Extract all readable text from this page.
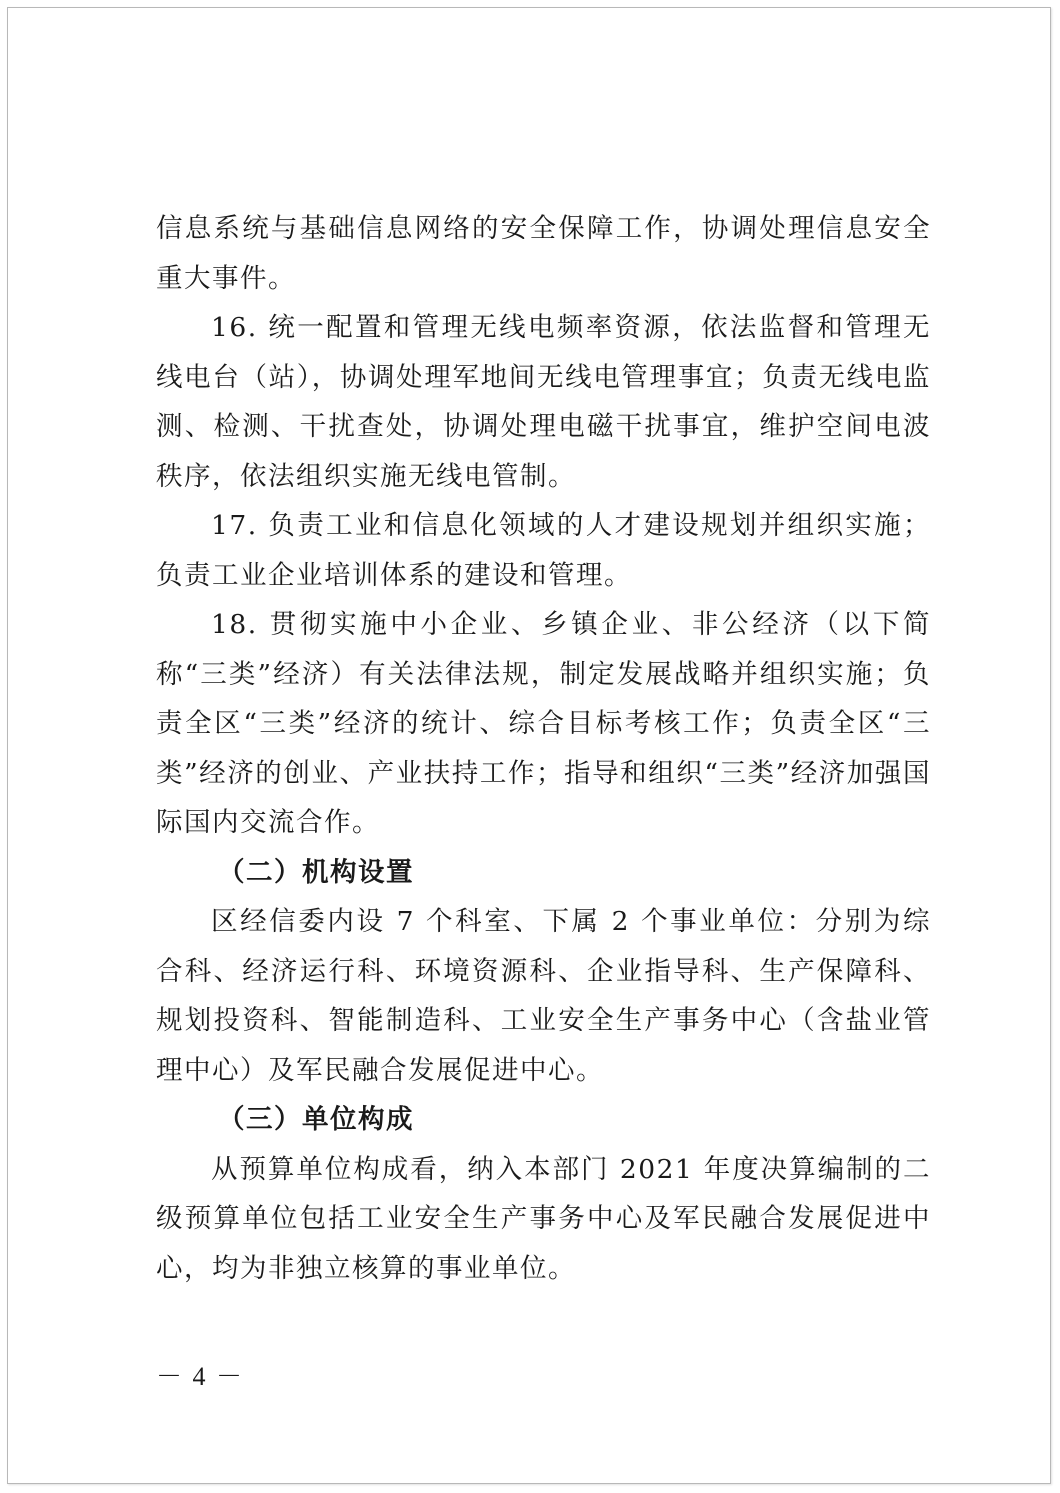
信息系统与基础信息网络的安全保障工作，协调处理信息安全重大事件。

16. 统一配置和管理无线电频率资源，依法监督和管理无线电台（站），协调处理军地间无线电管理事宜；负责无线电监测、检测、干扰查处，协调处理电磁干扰事宜，维护空间电波秩序，依法组织实施无线电管制。

17. 负责工业和信息化领域的人才建设规划并组织实施；负责工业企业培训体系的建设和管理。

18. 贯彻实施中小企业、乡镇企业、非公经济（以下简称“三类”经济）有关法律法规，制定发展战略并组织实施；负责全区“三类”经济的统计、综合目标考核工作；负责全区“三类”经济的创业、产业扶持工作；指导和组织“三类”经济加强国际国内交流合作。

（二）机构设置

区经信委内设 7 个科室、下属 2 个事业单位：分别为综合科、经济运行科、环境资源科、企业指导科、生产保障科、规划投资科、智能制造科、工业安全生产事务中心（含盐业管理中心）及军民融合发展促进中心。

（三）单位构成

从预算单位构成看，纳入本部门 2021 年度决算编制的二级预算单位包括工业安全生产事务中心及军民融合发展促进中心，均为非独立核算的事业单位。

－ 4 －
